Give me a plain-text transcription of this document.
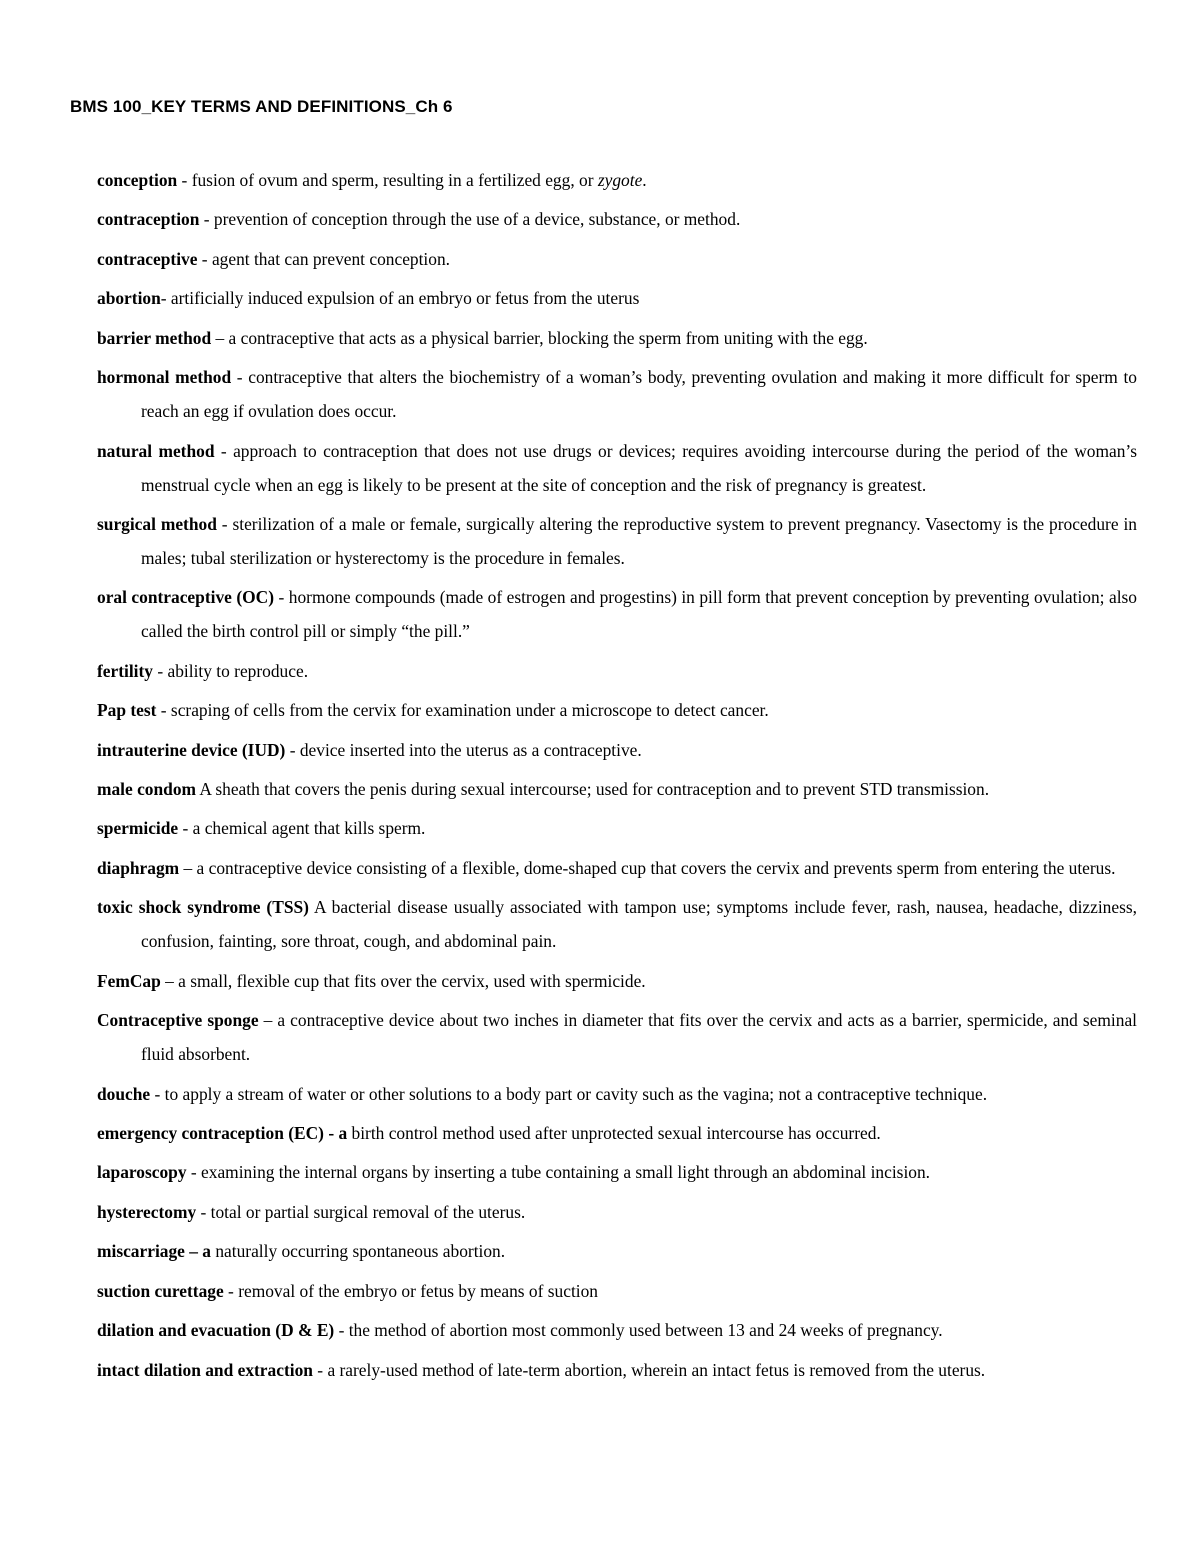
BMS 100_KEY TERMS AND DEFINITIONS_Ch 6

conception - fusion of ovum and sperm, resulting in a fertilized egg, or zygote.

contraception - prevention of conception through the use of a device, substance, or method.

contraceptive - agent that can prevent conception.

abortion- artificially induced expulsion of an embryo or fetus from the uterus

barrier method – a contraceptive that acts as a physical barrier, blocking the sperm from uniting with the egg.

hormonal method - contraceptive that alters the biochemistry of a woman’s body, preventing ovulation and making it more difficult for sperm to reach an egg if ovulation does occur.

natural method - approach to contraception that does not use drugs or devices; requires avoiding intercourse during the period of the woman’s menstrual cycle when an egg is likely to be present at the site of conception and the risk of pregnancy is greatest.

surgical method - sterilization of a male or female, surgically altering the reproductive system to prevent pregnancy. Vasectomy is the procedure in males; tubal sterilization or hysterectomy is the procedure in females.

oral contraceptive (OC) - hormone compounds (made of estrogen and progestins) in pill form that prevent conception by preventing ovulation; also called the birth control pill or simply “the pill.”

fertility - ability to reproduce.

Pap test - scraping of cells from the cervix for examination under a microscope to detect cancer.

intrauterine device (IUD) - device inserted into the uterus as a contraceptive.

male condom A sheath that covers the penis during sexual intercourse; used for contraception and to prevent STD transmission.

spermicide - a chemical agent that kills sperm.

diaphragm – a contraceptive device consisting of a flexible, dome-shaped cup that covers the cervix and prevents sperm from entering the uterus.

toxic shock syndrome (TSS) A bacterial disease usually associated with tampon use; symptoms include fever, rash, nausea, headache, dizziness, confusion, fainting, sore throat, cough, and abdominal pain.

FemCap – a small, flexible cup that fits over the cervix, used with spermicide.

Contraceptive sponge – a contraceptive device about two inches in diameter that fits over the cervix and acts as a barrier, spermicide, and seminal fluid absorbent.

douche - to apply a stream of water or other solutions to a body part or cavity such as the vagina; not a contraceptive technique.

emergency contraception (EC) - a birth control method used after unprotected sexual intercourse has occurred.

laparoscopy - examining the internal organs by inserting a tube containing a small light through an abdominal incision.

hysterectomy - total or partial surgical removal of the uterus.

miscarriage – a naturally occurring spontaneous abortion.

suction curettage - removal of the embryo or fetus by means of suction

dilation and evacuation (D & E) - the method of abortion most commonly used between 13 and 24 weeks of pregnancy.

intact dilation and extraction - a rarely-used method of late-term abortion, wherein an intact fetus is removed from the uterus.
